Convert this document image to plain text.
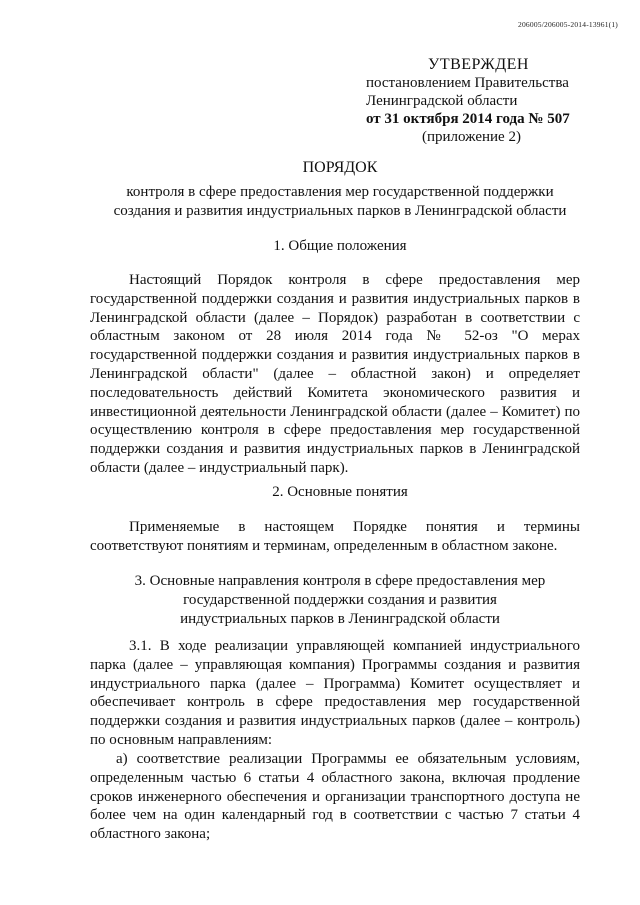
206005/206005-2014-13961(1)
УТВЕРЖДЕН
постановлением Правительства
Ленинградской области
от 31 октября 2014 года № 507
(приложение 2)
ПОРЯДОК
контроля в сфере предоставления мер государственной поддержки
создания и развития индустриальных парков в Ленинградской области
1. Общие положения

Настоящий Порядок контроля в сфере предоставления мер государственной поддержки создания и развития индустриальных парков в Ленинградской области (далее – Порядок) разработан в соответствии с областным законом от 28 июля 2014 года № 52-оз "О мерах государственной поддержки создания и развития индустриальных парков в Ленинградской области" (далее – областной закон) и определяет последовательность действий Комитета экономического развития и инвестиционной деятельности Ленинградской области (далее – Комитет) по осуществлению контроля в сфере предоставления мер государственной поддержки создания и развития индустриальных парков в Ленинградской области (далее – индустриальный парк).

2. Основные понятия

Применяемые в настоящем Порядке понятия и термины соответствуют понятиям и терминам, определенным в областном законе.

3. Основные направления контроля в сфере предоставления мер
государственной поддержки создания и развития
индустриальных парков в Ленинградской области

3.1. В ходе реализации управляющей компанией индустриального парка (далее – управляющая компания) Программы создания и развития индустриального парка (далее – Программа) Комитет осуществляет и обеспечивает контроль в сфере предоставления мер государственной поддержки создания и развития индустриальных парков (далее – контроль) по основным направлениям:

а) соответствие реализации Программы ее обязательным условиям, определенным частью 6 статьи 4 областного закона, включая продление сроков инженерного обеспечения и организации транспортного доступа не более чем на один календарный год в соответствии с частью 7 статьи 4 областного закона;
